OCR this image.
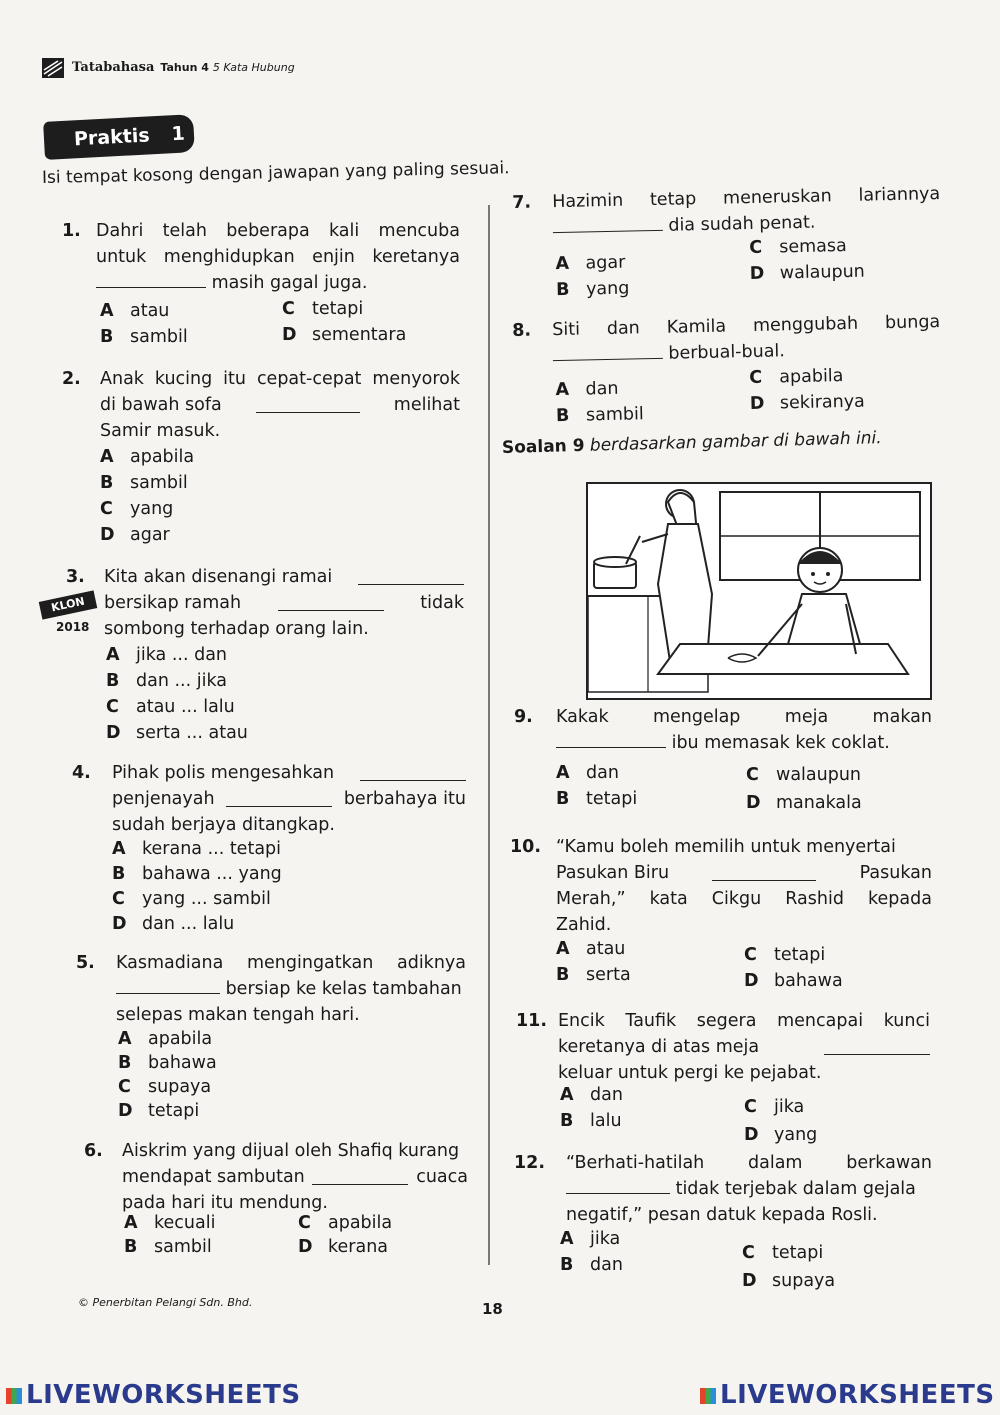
Tatabahasa Tahun 4 5 Kata Hubung
Praktis 1
Isi tempat kosong dengan jawapan yang paling sesuai.
1. Dahri telah beberapa kali mencuba
untuk menghidupkan enjin keretanya
masih gagal juga.
A atau
B sambil
C tetapi
D sementara
2. Anak kucing itu cepat-cepat menyorok
di bawah sofa	melihat
Samir masuk.
A apabila
B sambil
C yang
D agar
KLON
2018
3. Kita akan disenangi ramai
bersikap ramah	tidak
sombong terhadap orang lain.
A jika ... dan
B dan ... jika
C atau ... lalu
D serta ... atau
4. Pihak polis mengesahkan
penjenayah	berbahaya itu
sudah berjaya ditangkap.
A kerana ... tetapi
B bahawa ... yang
C yang ... sambil
D dan ... lalu
5. Kasmadiana mengingatkan adiknya
bersiap ke kelas tambahan
selepas makan tengah hari.
A apabila
B bahawa
C supaya
D tetapi
6. Aiskrim yang dijual oleh Shafiq kurang
mendapat sambutan	cuaca
pada hari itu mendung.
A kecuali
B sambil
C apabila
D kerana
7. Hazimin tetap meneruskan lariannya
dia sudah penat.
A agar
B yang
C semasa
D walaupun
8. Siti dan Kamila menggubah bunga
berbual-bual.
A dan
B sambil
C apabila
D sekiranya
Soalan 9 berdasarkan gambar di bawah ini.
9. Kakak	mengelap	meja	makan
ibu memasak kek coklat.
A dan
B tetapi
C walaupun
D manakala
10. “Kamu boleh memilih untuk menyertai
Pasukan Biru	Pasukan
Merah,” kata Cikgu Rashid kepada
Zahid.
A atau
B serta
C tetapi
D bahawa
11. Encik Taufik segera mencapai kunci
keretanya di atas meja
keluar untuk pergi ke pejabat.
A dan
B lalu
C jika
D yang
12. “Berhati-hatilah	dalam	berkawan
tidak terjebak dalam gejala
negatif,” pesan datuk kepada Rosli.
A jika
B dan
C tetapi
D supaya
© Penerbitan Pelangi Sdn. Bhd.	18
LIVEWORKSHEETS	LIVEWORKSHEETS
